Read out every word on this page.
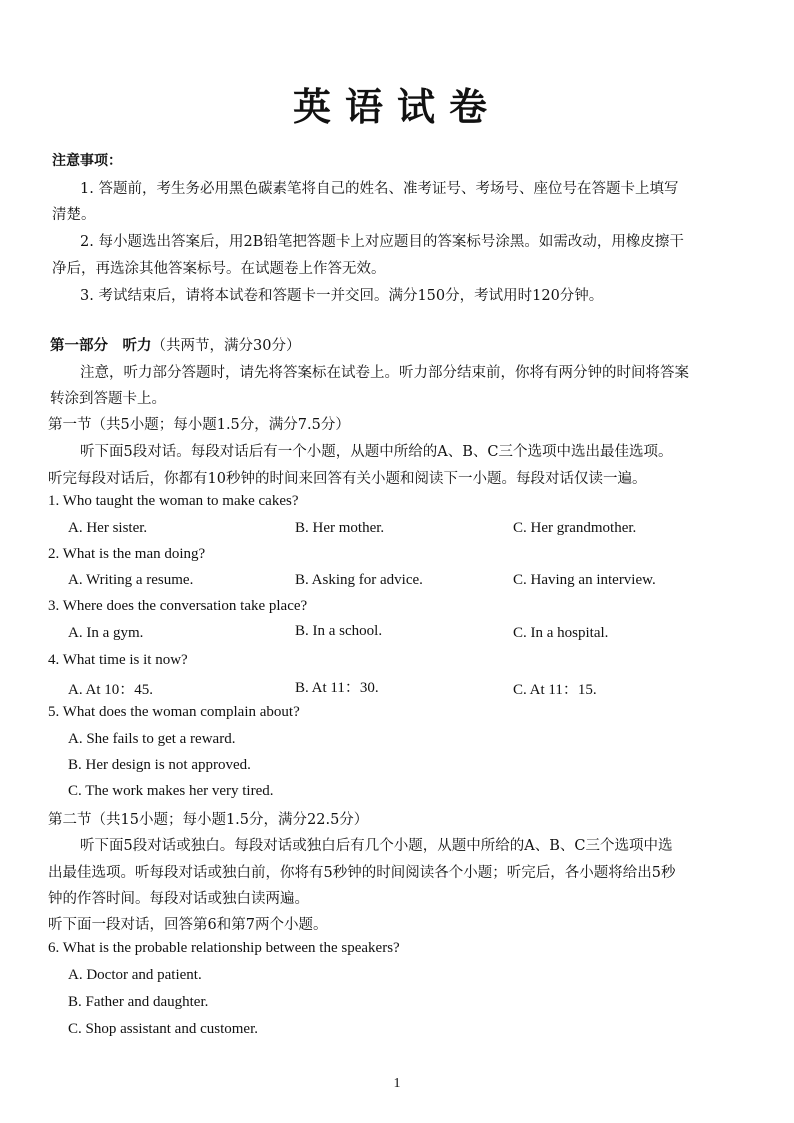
英语试卷
注意事项：
1. 答题前，考生务必用黑色碳素笔将自己的姓名、准考证号、考场号、座位号在答题卡上填写
清楚。
2. 每小题选出答案后，用2B铅笔把答题卡上对应题目的答案标号涂黑。如需改动，用橡皮擦干
净后，再选涂其他答案标号。在试题卷上作答无效。
3. 考试结束后，请将本试卷和答题卡一并交回。满分150分，考试用时120分钟。
第一部分　听力（共两节，满分30分）
注意，听力部分答题时，请先将答案标在试卷上。听力部分结束前，你将有两分钟的时间将答案
转涂到答题卡上。
第一节（共5小题；每小题1.5分，满分7.5分）
听下面5段对话。每段对话后有一个小题，从题中所给的A、B、C三个选项中选出最佳选项。
听完每段对话后，你都有10秒钟的时间来回答有关小题和阅读下一小题。每段对话仅读一遍。
1. Who taught the woman to make cakes?
A. Her sister.	B. Her mother.	C. Her grandmother.
2. What is the man doing?
A. Writing a resume.	B. Asking for advice.	C. Having an interview.
3. Where does the conversation take place?
A. In a gym.	B. In a school.	C. In a hospital.
4. What time is it now?
A. At 10：45.	B. At 11：30.	C. At 11：15.
5. What does the woman complain about?
A. She fails to get a reward.
B. Her design is not approved.
C. The work makes her very tired.
第二节（共15小题；每小题1.5分，满分22.5分）
听下面5段对话或独白。每段对话或独白后有几个小题，从题中所给的A、B、C三个选项中选
出最佳选项。听每段对话或独白前，你将有5秒钟的时间阅读各个小题；听完后，各小题将给出5秒
钟的作答时间。每段对话或独白读两遍。
听下面一段对话，回答第6和第7两个小题。
6. What is the probable relationship between the speakers?
A. Doctor and patient.
B. Father and daughter.
C. Shop assistant and customer.
1
